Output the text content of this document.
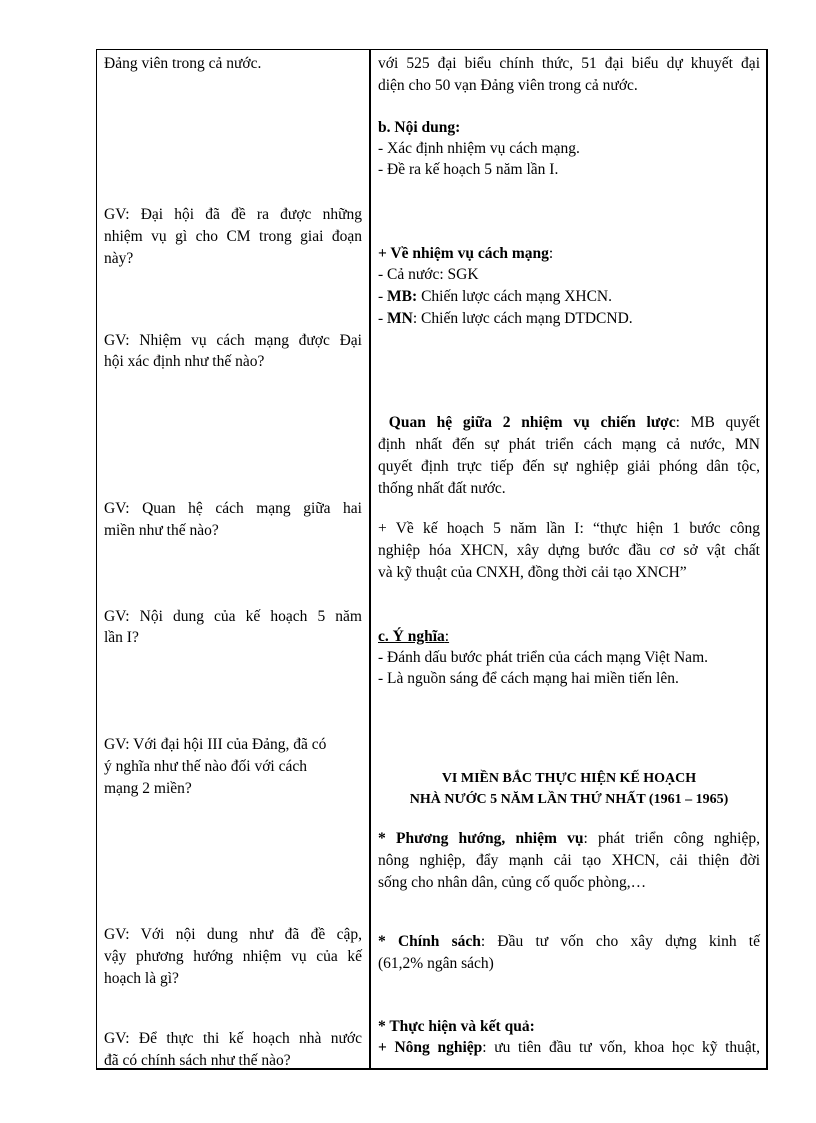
Đảng viên trong cả nước.

GV: Đại hội đã đề ra được những

nhiệm vụ gì cho CM trong giai đoạn

này?

GV: Nhiệm vụ cách mạng được Đại

hội xác định như thế nào?

GV: Quan hệ cách mạng giữa hai

miền như thế nào?

GV: Nội dung của kế hoạch 5 năm

lần I?

GV: Với đại hội III của Đảng, đã có

ý nghĩa như thế nào đối với cách

mạng 2 miền?

GV: Với nội dung như đã đề cập,

vậy phương hướng nhiệm vụ của kế

hoạch là gì?

GV: Để thực thi kế hoạch nhà nước

đã có chính sách như thế nào?

với 525 đại biểu chính thức, 51 đại biểu dự khuyết đại

diện cho 50 vạn Đảng viên trong cả nước.

b. Nội dung:

- Xác định nhiệm vụ cách mạng.

- Đề ra kế hoạch 5 năm lần I.

+ Về nhiệm vụ cách mạng:

- Cả nước: SGK

- MB: Chiến lược cách mạng XHCN.

- MN: Chiến lược cách mạng DTDCND.

Quan hệ giữa 2 nhiệm vụ chiến lược: MB quyết

định nhất đến sự phát triển cách mạng cả nước, MN

quyết định trực tiếp đến sự nghiệp giải phóng dân tộc,

thống nhất đất nước.

+ Về kế hoạch 5 năm lần I: “thực hiện 1 bước công

nghiệp hóa XHCN, xây dựng bước đầu cơ sở vật chất

và kỹ thuật của CNXH, đồng thời cải tạo XNCH”

c. Ý nghĩa:

- Đánh dấu bước phát triển của cách mạng Việt Nam.

- Là nguồn sáng để cách mạng hai miền tiến lên.

VI MIỀN BẮC THỰC HIỆN KẾ HOẠCH

NHÀ NƯỚC 5 NĂM LẦN THỨ NHẤT (1961 – 1965)

* Phương hướng, nhiệm vụ: phát triển công nghiệp,

nông nghiệp, đẩy mạnh cải tạo XHCN, cải thiện đời

sống cho nhân dân, củng cố quốc phòng,…

* Chính sách: Đầu tư vốn cho xây dựng kinh tế

(61,2% ngân sách)

* Thực hiện và kết quả:

+ Nông nghiệp: ưu tiên đầu tư vốn, khoa học kỹ thuật,
